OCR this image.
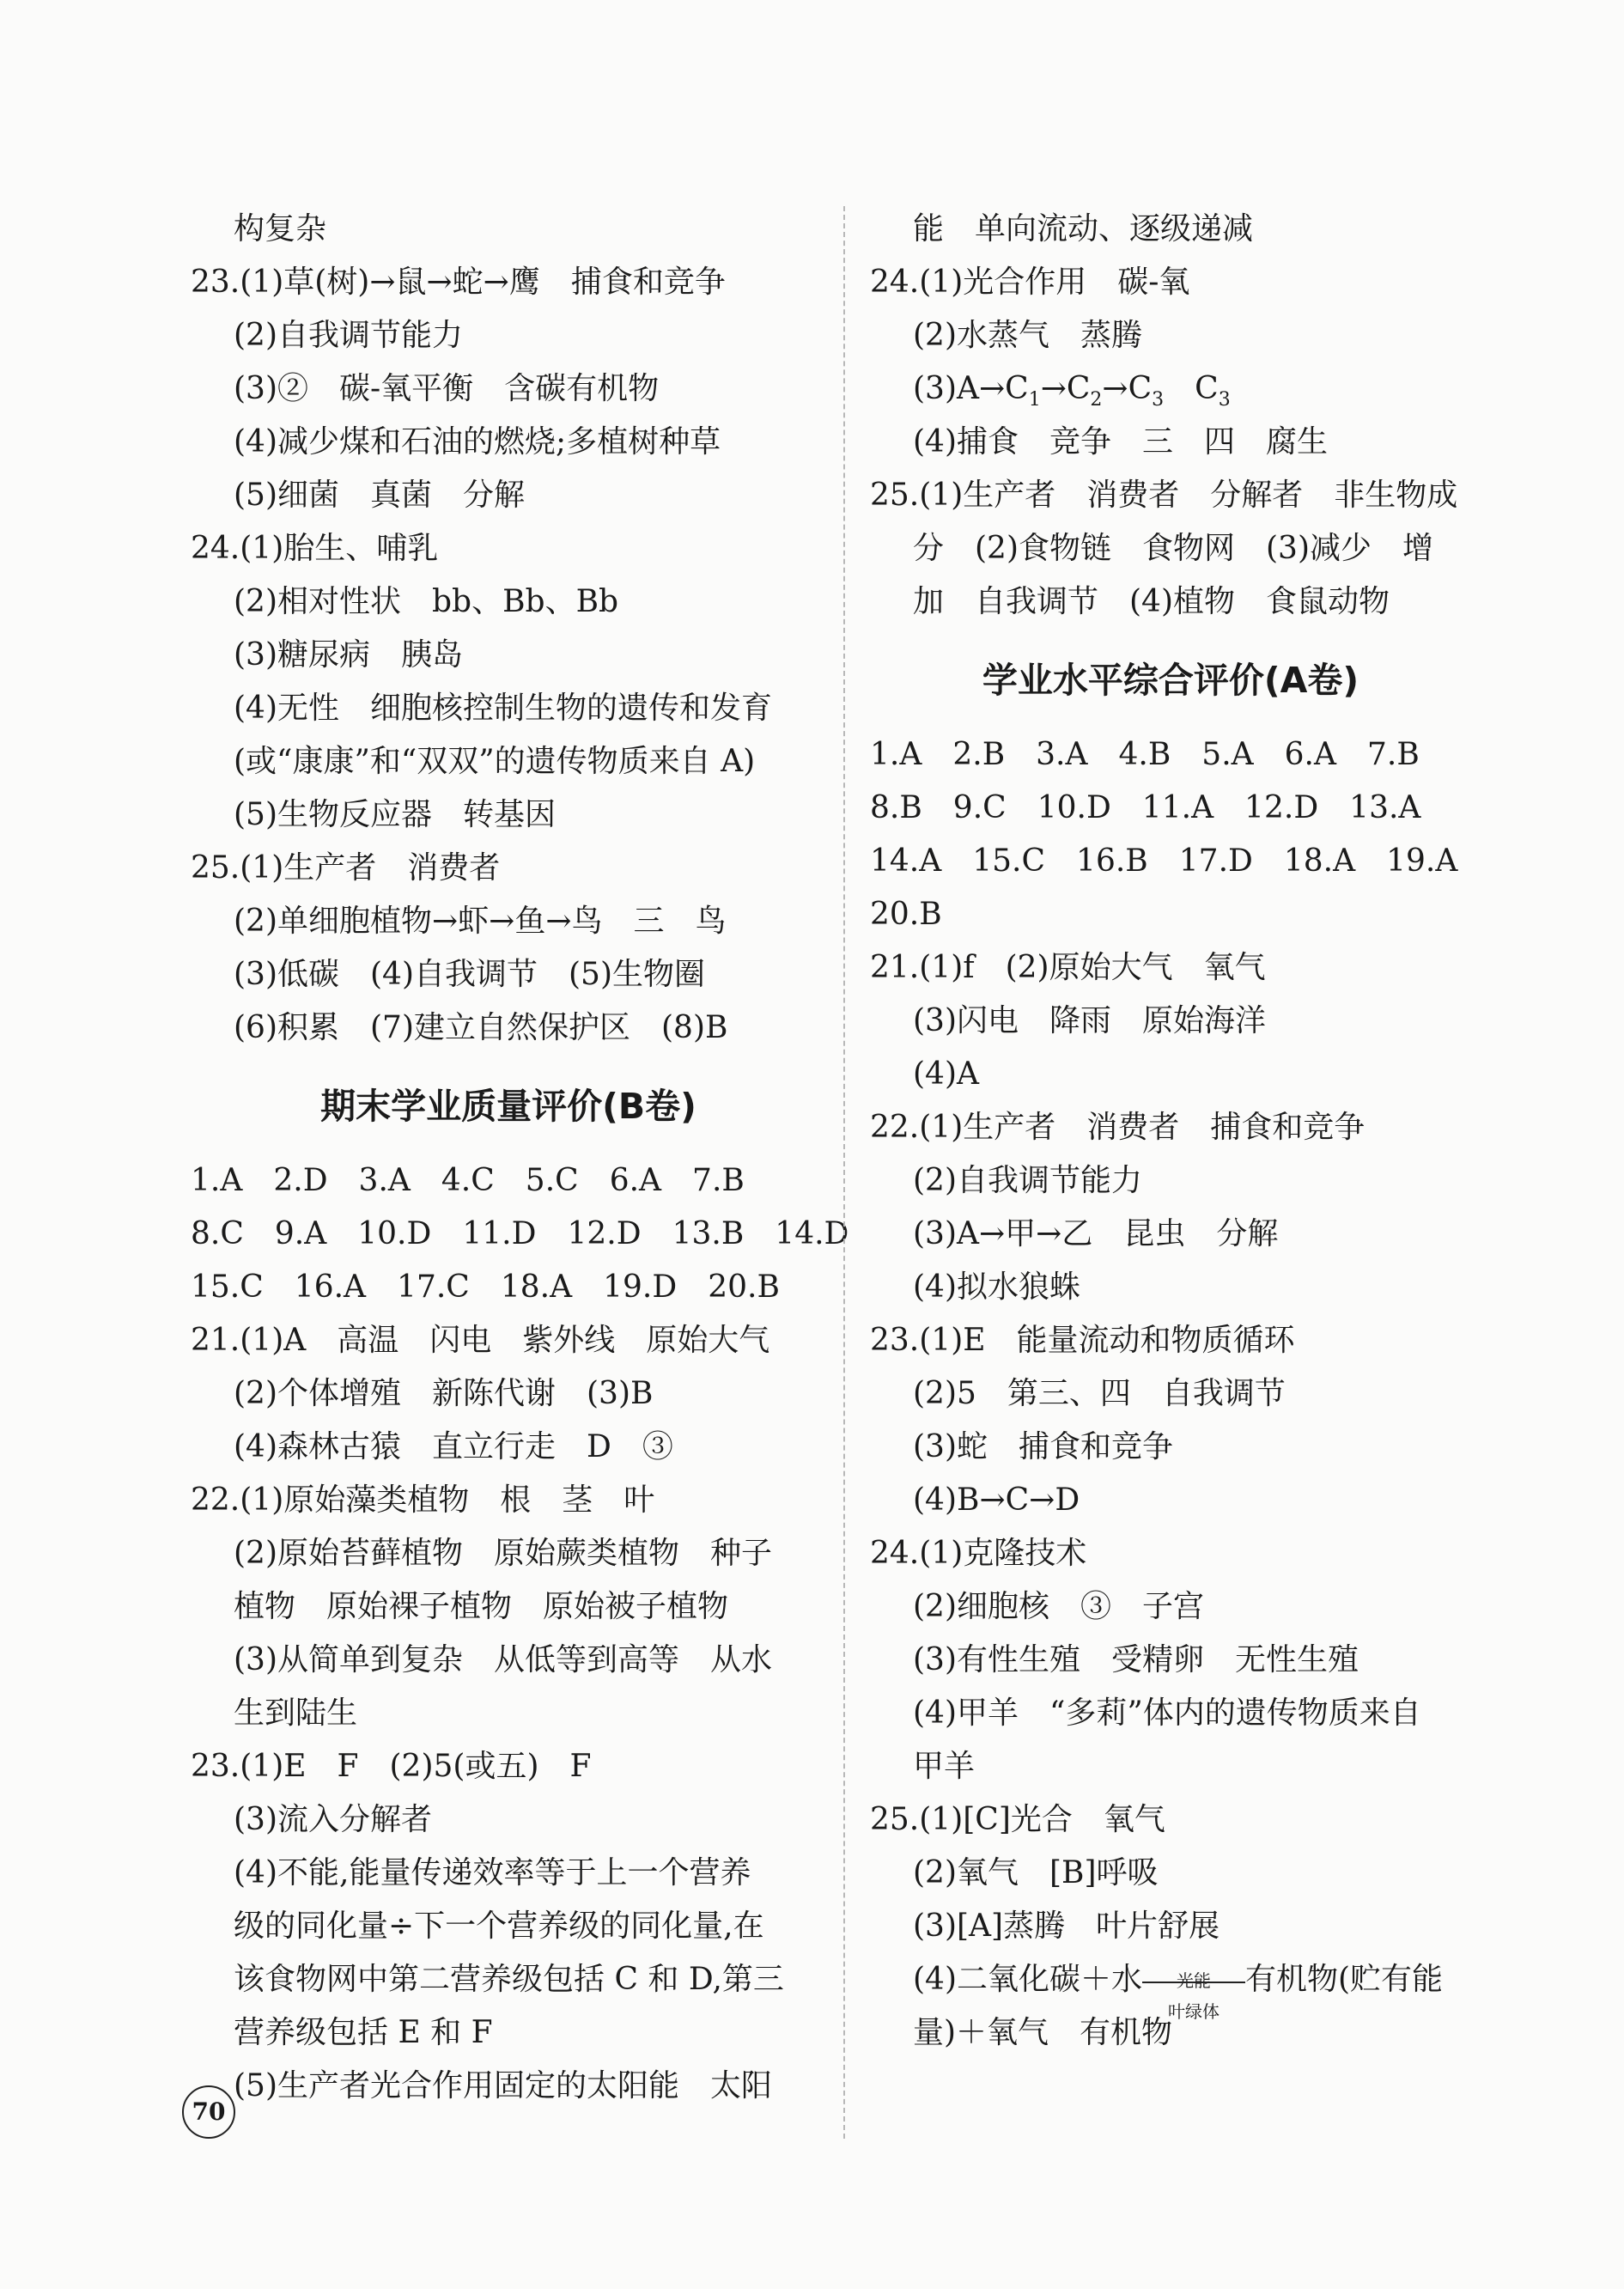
构复杂
23.(1)草(树)→鼠→蛇→鹰　捕食和竞争
(2)自我调节能力
(3)②　碳-氧平衡　含碳有机物
(4)减少煤和石油的燃烧;多植树种草
(5)细菌　真菌　分解
24.(1)胎生、哺乳
(2)相对性状　bb、Bb、Bb
(3)糖尿病　胰岛
(4)无性　细胞核控制生物的遗传和发育
(或“康康”和“双双”的遗传物质来自 A)
(5)生物反应器　转基因
25.(1)生产者　消费者
(2)单细胞植物→虾→鱼→鸟　三　鸟
(3)低碳　(4)自我调节　(5)生物圈
(6)积累　(7)建立自然保护区　(8)B
期末学业质量评价(B卷)
1.A　2.D　3.A　4.C　5.C　6.A　7.B
8.C　9.A　10.D　11.D　12.D　13.B　14.D
15.C　16.A　17.C　18.A　19.D　20.B
21.(1)A　高温　闪电　紫外线　原始大气
(2)个体增殖　新陈代谢　(3)B
(4)森林古猿　直立行走　D　③
22.(1)原始藻类植物　根　茎　叶
(2)原始苔藓植物　原始蕨类植物　种子
植物　原始裸子植物　原始被子植物
(3)从简单到复杂　从低等到高等　从水
生到陆生
23.(1)E　F　(2)5(或五)　F
(3)流入分解者
(4)不能,能量传递效率等于上一个营养
级的同化量÷下一个营养级的同化量,在
该食物网中第二营养级包括 C 和 D,第三
营养级包括 E 和 F
(5)生产者光合作用固定的太阳能　太阳
能　单向流动、逐级递减
24.(1)光合作用　碳-氧
(2)水蒸气　蒸腾
$(3)A\to C_1\to C_2\to C_3$　$C_3$
(4)捕食　竞争　三　四　腐生
25.(1)生产者　消费者　分解者　非生物成
分　(2)食物链　食物网　(3)减少　增
加　自我调节　(4)植物　食鼠动物
学业水平综合评价(A卷)
1.A　2.B　3.A　4.B　5.A　6.A　7.B
8.B　9.C　10.D　11.A　12.D　13.A
14.A　15.C　16.B　17.D　18.A　19.A
20.B
21.(1)f　(2)原始大气　氧气
(3)闪电　降雨　原始海洋
(4)A
22.(1)生产者　消费者　捕食和竞争
(2)自我调节能力
(3)A→甲→乙　昆虫　分解
(4)拟水狼蛛
23.(1)E　能量流动和物质循环
(2)5　第三、四　自我调节
(3)蛇　捕食和竞争
(4)B→C→D
24.(1)克隆技术
(2)细胞核　③　子宫
(3)有性生殖　受精卵　无性生殖
(4)甲羊　“多莉”体内的遗传物质来自
甲羊
25.(1)[C]光合　氧气
(2)氧气　[B]呼吸
(3)[A]蒸腾　叶片舒展
(4)二氧化碳＋水	光能
叶绿体
有机物(贮有能
量)＋氧气　有机物
70
